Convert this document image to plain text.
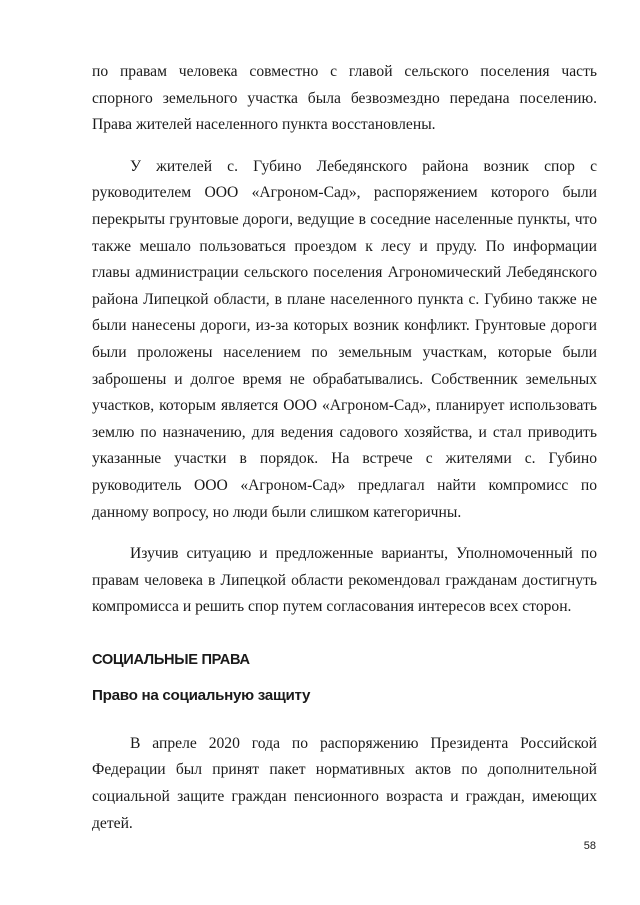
по правам человека совместно с главой сельского поселения часть спорного земельного участка была безвозмездно передана поселению. Права жителей населенного пункта восстановлены.

У жителей с. Губино Лебедянского района возник спор с руководителем ООО «Агроном-Сад», распоряжением которого были перекрыты грунтовые дороги, ведущие в соседние населенные пункты, что также мешало пользоваться проездом к лесу и пруду. По информации главы администрации сельского поселения Агрономический Лебедянского района Липецкой области, в плане населенного пункта с. Губино также не были нанесены дороги, из-за которых возник конфликт. Грунтовые дороги были проложены населением по земельным участкам, которые были заброшены и долгое время не обрабатывались. Собственник земельных участков, которым является ООО «Агроном-Сад», планирует использовать землю по назначению, для ведения садового хозяйства, и стал приводить указанные участки в порядок. На встрече с жителями с. Губино руководитель ООО «Агроном-Сад» предлагал найти компромисс по данному вопросу, но люди были слишком категоричны.

Изучив ситуацию и предложенные варианты, Уполномоченный по правам человека в Липецкой области рекомендовал гражданам достигнуть компромисса и решить спор путем согласования интересов всех сторон.

СОЦИАЛЬНЫЕ ПРАВА

Право на социальную защиту

В апреле 2020 года по распоряжению Президента Российской Федерации был принят пакет нормативных актов по дополнительной социальной защите граждан пенсионного возраста и граждан, имеющих детей.

58
